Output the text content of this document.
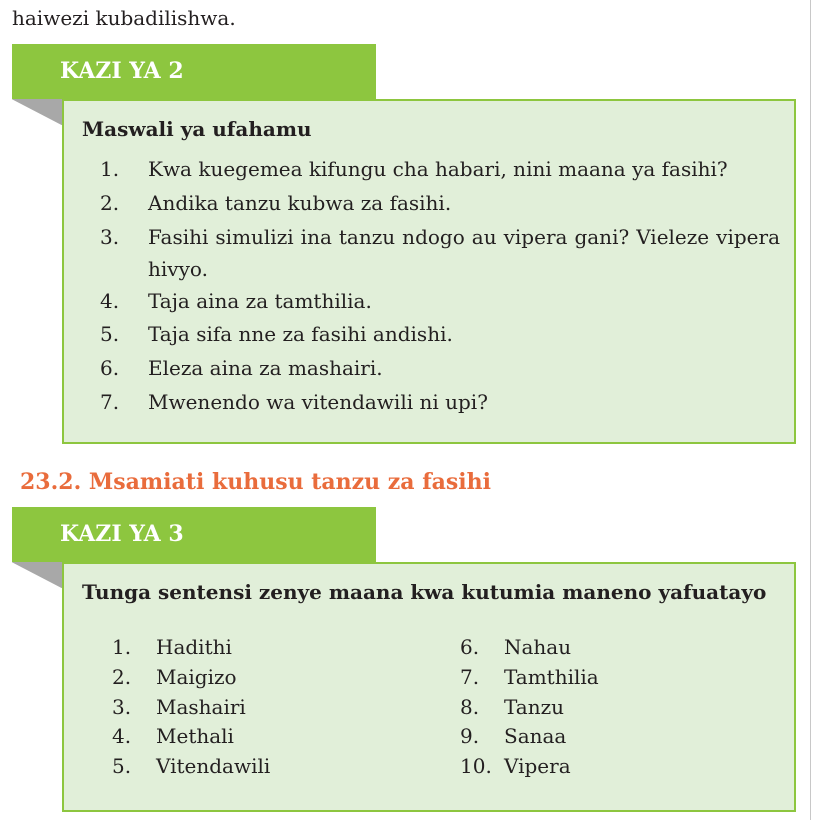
haiwezi kubadilishwa.
KAZI YA 2
Maswali ya ufahamu
1.	Kwa kuegemea kifungu cha habari, nini maana ya fasihi?
2.	Andika tanzu kubwa za fasihi.
3.	Fasihi simulizi ina tanzu ndogo au vipera gani? Vieleze vipera hivyo.
4.	Taja aina za tamthilia.
5.	Taja sifa nne za fasihi andishi.
6.	Eleza aina za mashairi.
7.	Mwenendo wa vitendawili ni upi?
23.2. Msamiati kuhusu tanzu za fasihi
KAZI YA 3
Tunga sentensi zenye maana kwa kutumia maneno yafuatayo
1. Hadithi
2. Maigizo
3. Mashairi
4. Methali
5. Vitendawili
6. Nahau
7. Tamthilia
8. Tanzu
9. Sanaa
10. Vipera
